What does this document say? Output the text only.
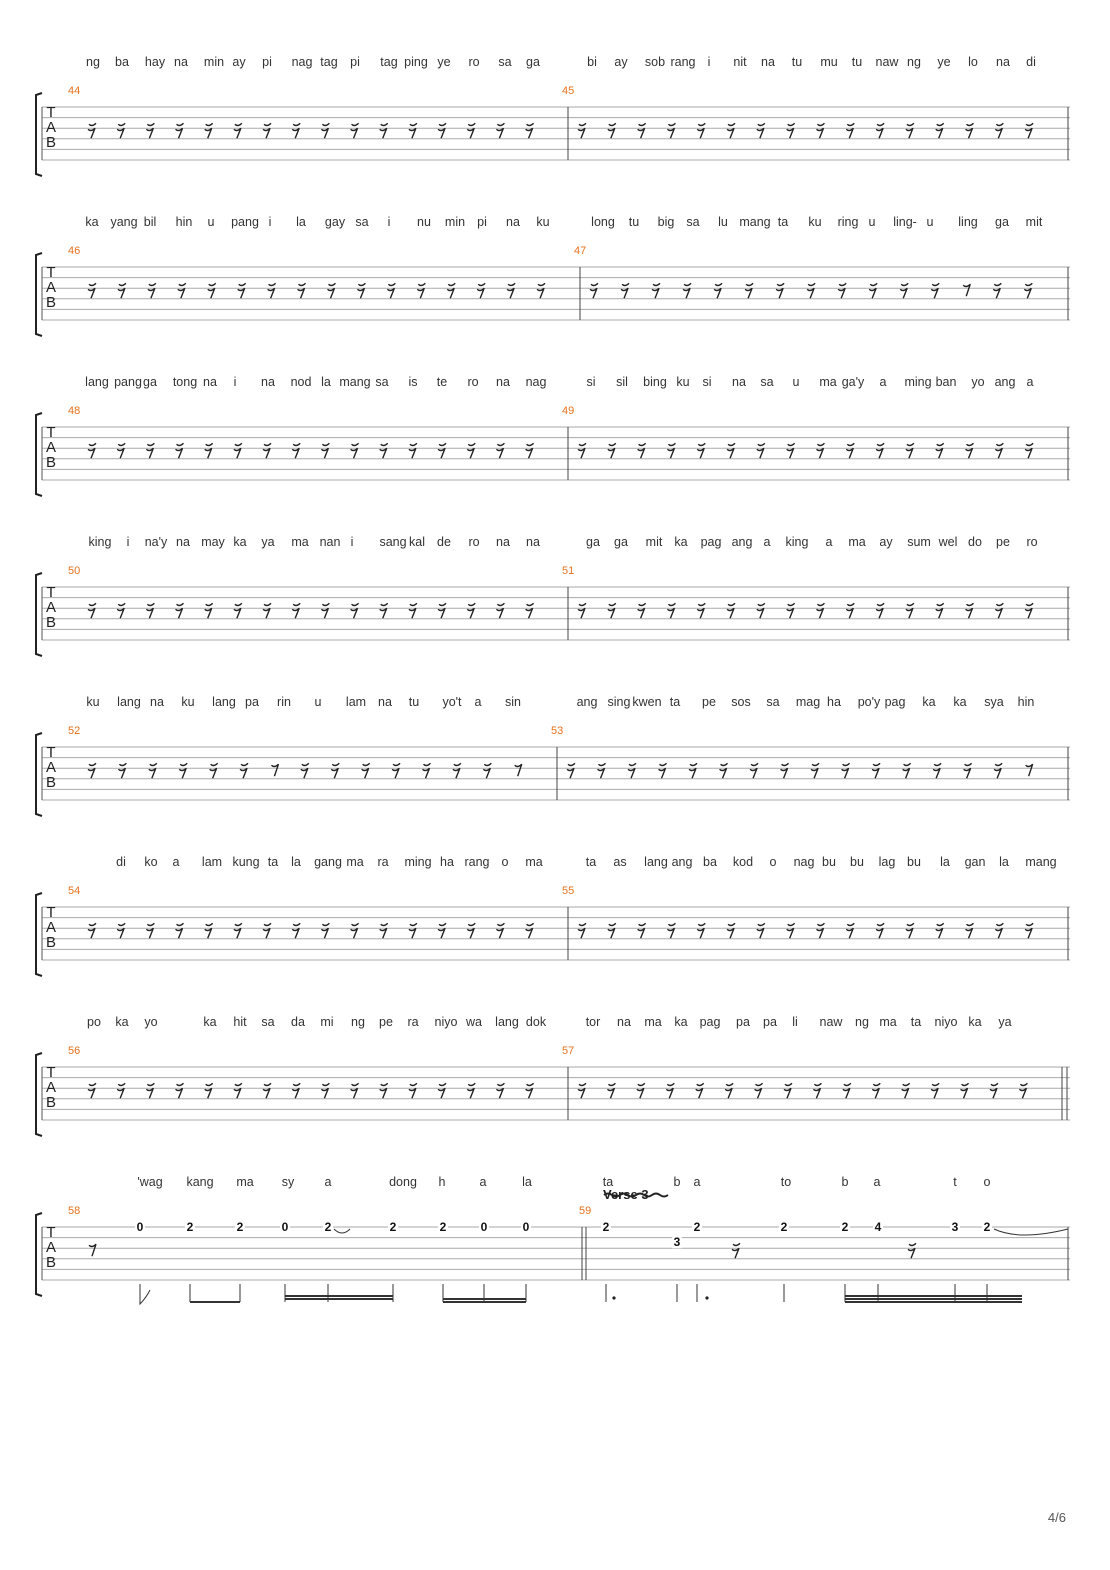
ng ba hay na min ay pi nag tag pi tag ping ye ro sa ga	bi ay sob rang i nit na tu mu tu naw ng ye lo na di
T
A
B
44	45
ka yang bil hin u pang i la gay sa i nu min pi na ku	long tu big sa lu mang ta ku ring u ling- u ling ga mit
T
A
B
46	47
lang pang ga tong na i na nod la mang sa is te ro na nag	si sil bing ku si na sa u ma ga'y a ming ban yo ang a
T
A
B
48	49
king i na'y na may ka ya ma nan i sang kal de ro na na	ga ga mit ka pag ang a king a ma ay sum wel do pe ro
T
A
B
50	51
ku lang na ku lang pa rin u lam na tu yo't a sin	ang sing kwen ta pe sos sa mag ha po'y pag ka ka sya hin
T
A
B
52	53
di ko a lam kung ta la gang ma ra ming ha rang o ma	ta as lang ang ba kod o nag bu bu lag bu la gan la mang
T
A
B
54	55
po ka yo	ka hit sa da mi ng pe ra niyo wa lang dok	tor na ma ka pag pa pa li naw ng ma ta niyo ka ya
T
A
B
56	57
'wag kang ma sy a	dong h	a	la	ta	b a	to	b a	t o
T
A
B
58
0	2	2	0	2	2	2	0	0
59
2
3
2	2	2 4	3 2
Verse 3
4/6
